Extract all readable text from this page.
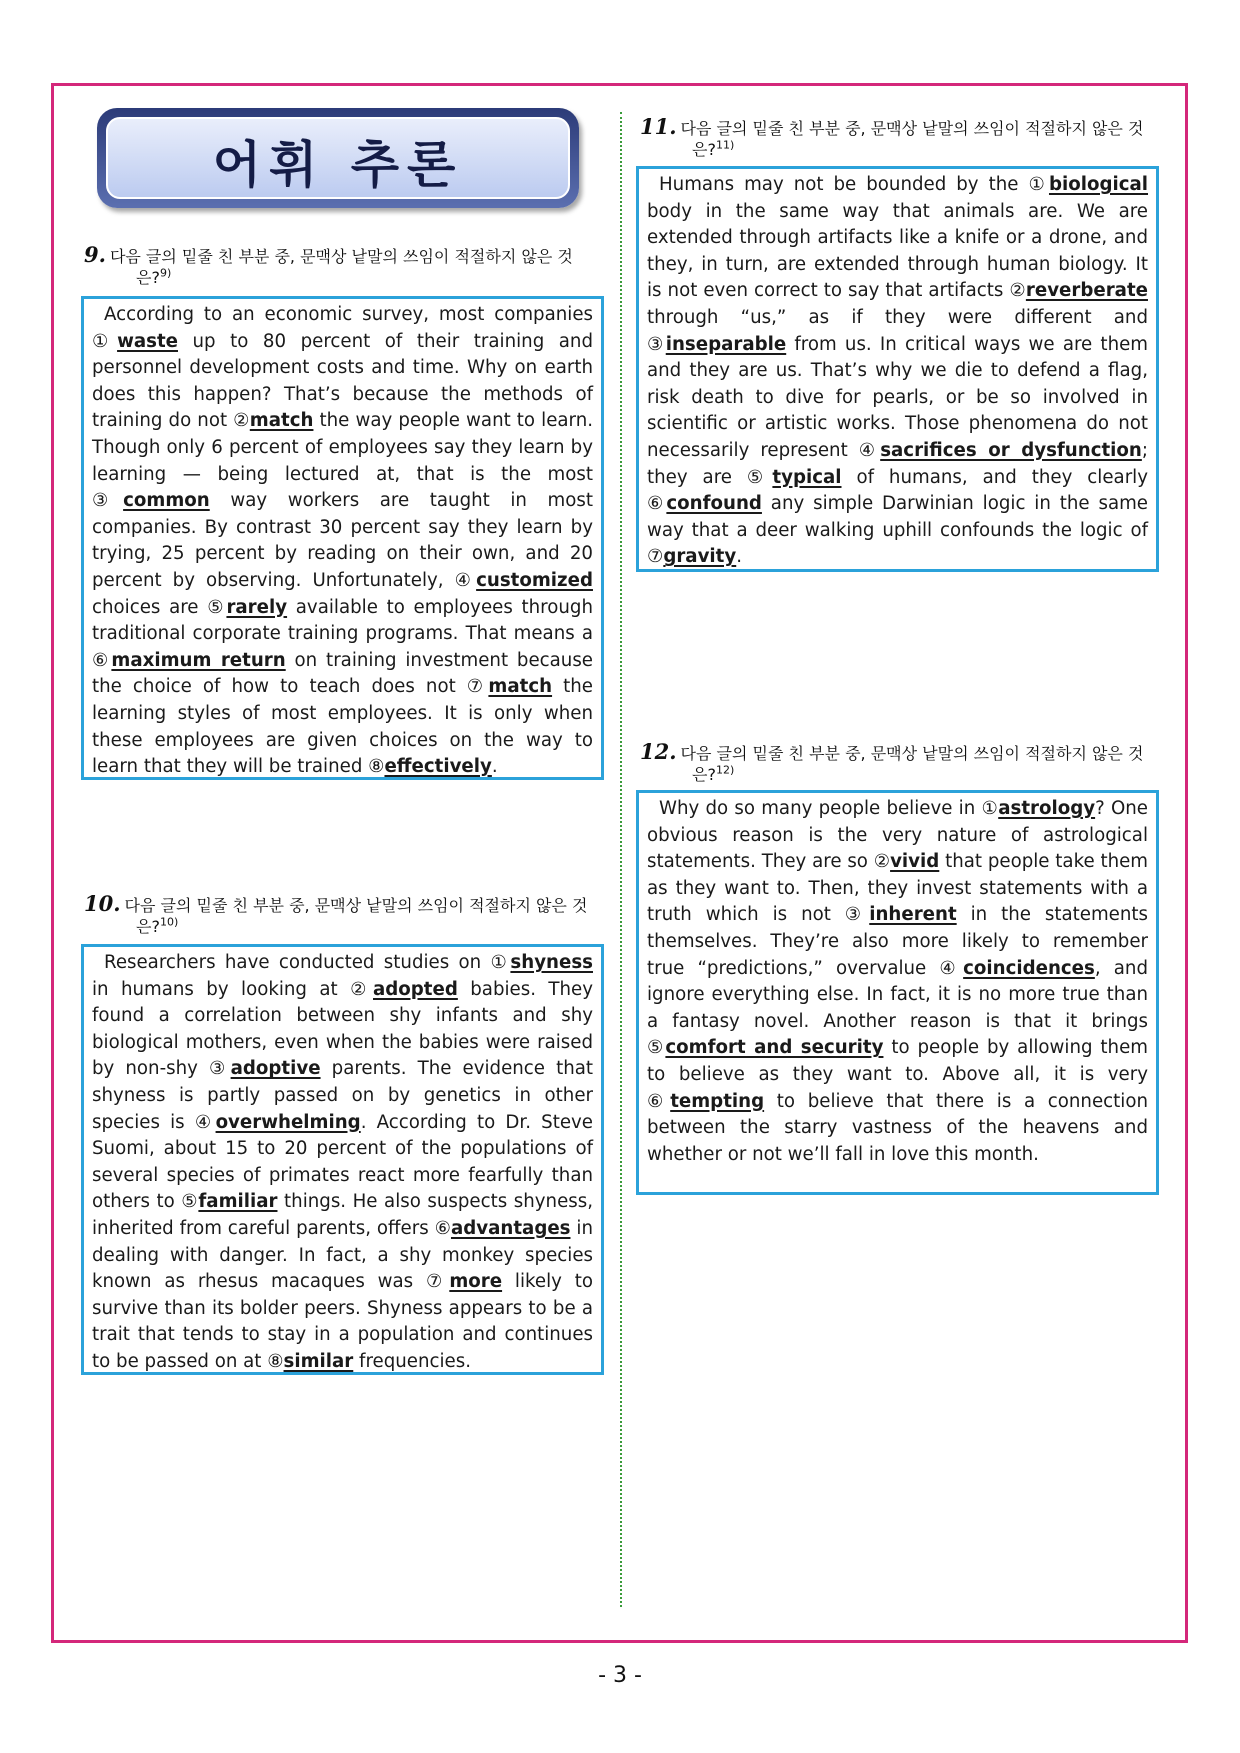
어휘 추론
9. 다음 글의 밑줄 친 부분 중, 문맥상 낱말의 쓰임이 적절하지 않은 것
은?$^{9)}$

According to an economic survey, most companies ①waste up to 80 percent of their training and personnel development costs and time. Why on earth does this happen? That’s because the methods of training do not ②match the way people want to learn. Though only 6 percent of employees say they learn by learning — being lectured at, that is the most ③common way workers are taught in most companies. By contrast 30 percent say they learn by trying, 25 percent by reading on their own, and 20 percent by observing. Unfortunately, ④customized choices are ⑤rarely available to employees through traditional corporate training programs. That means a ⑥maximum return on training investment because the choice of how to teach does not ⑦match the learning styles of most employees. It is only when these employees are given choices on the way to learn that they will be trained ⑧effectively.

10. 다음 글의 밑줄 친 부분 중, 문맥상 낱말의 쓰임이 적절하지 않은 것
은?$^{10)}$

Researchers have conducted studies on ①shyness in humans by looking at ②adopted babies. They found a correlation between shy infants and shy biological mothers, even when the babies were raised by non-shy ③adoptive parents. The evidence that shyness is partly passed on by genetics in other species is ④overwhelming. According to Dr. Steve Suomi, about 15 to 20 percent of the populations of several species of primates react more fearfully than others to ⑤familiar things. He also suspects shyness, inherited from careful parents, offers ⑥advantages in dealing with danger. In fact, a shy monkey species known as rhesus macaques was ⑦more likely to survive than its bolder peers. Shyness appears to be a trait that tends to stay in a population and continues to be passed on at ⑧similar frequencies.

11. 다음 글의 밑줄 친 부분 중, 문맥상 낱말의 쓰임이 적절하지 않은 것
은?$^{11)}$

Humans may not be bounded by the ①biological body in the same way that animals are. We are extended through artifacts like a knife or a drone, and they, in turn, are extended through human biology. It is not even correct to say that artifacts ②reverberate through “us,” as if they were different and ③inseparable from us. In critical ways we are them and they are us. That’s why we die to defend a flag, risk death to dive for pearls, or be so involved in scientific or artistic works. Those phenomena do not necessarily represent ④sacrifices or dysfunction; they are ⑤typical of humans, and they clearly ⑥confound any simple Darwinian logic in the same way that a deer walking uphill confounds the logic of ⑦gravity.

12. 다음 글의 밑줄 친 부분 중, 문맥상 낱말의 쓰임이 적절하지 않은 것
은?$^{12)}$

Why do so many people believe in ①astrology? One obvious reason is the very nature of astrological statements. They are so ②vivid that people take them as they want to. Then, they invest statements with a truth which is not ③inherent in the statements themselves. They’re also more likely to remember true “predictions,” overvalue ④coincidences, and ignore everything else. In fact, it is no more true than a fantasy novel. Another reason is that it brings ⑤comfort and security to people by allowing them to believe as they want to. Above all, it is very ⑥tempting to believe that there is a connection between the starry vastness of the heavens and whether or not we’ll fall in love this month.

- 3 -
